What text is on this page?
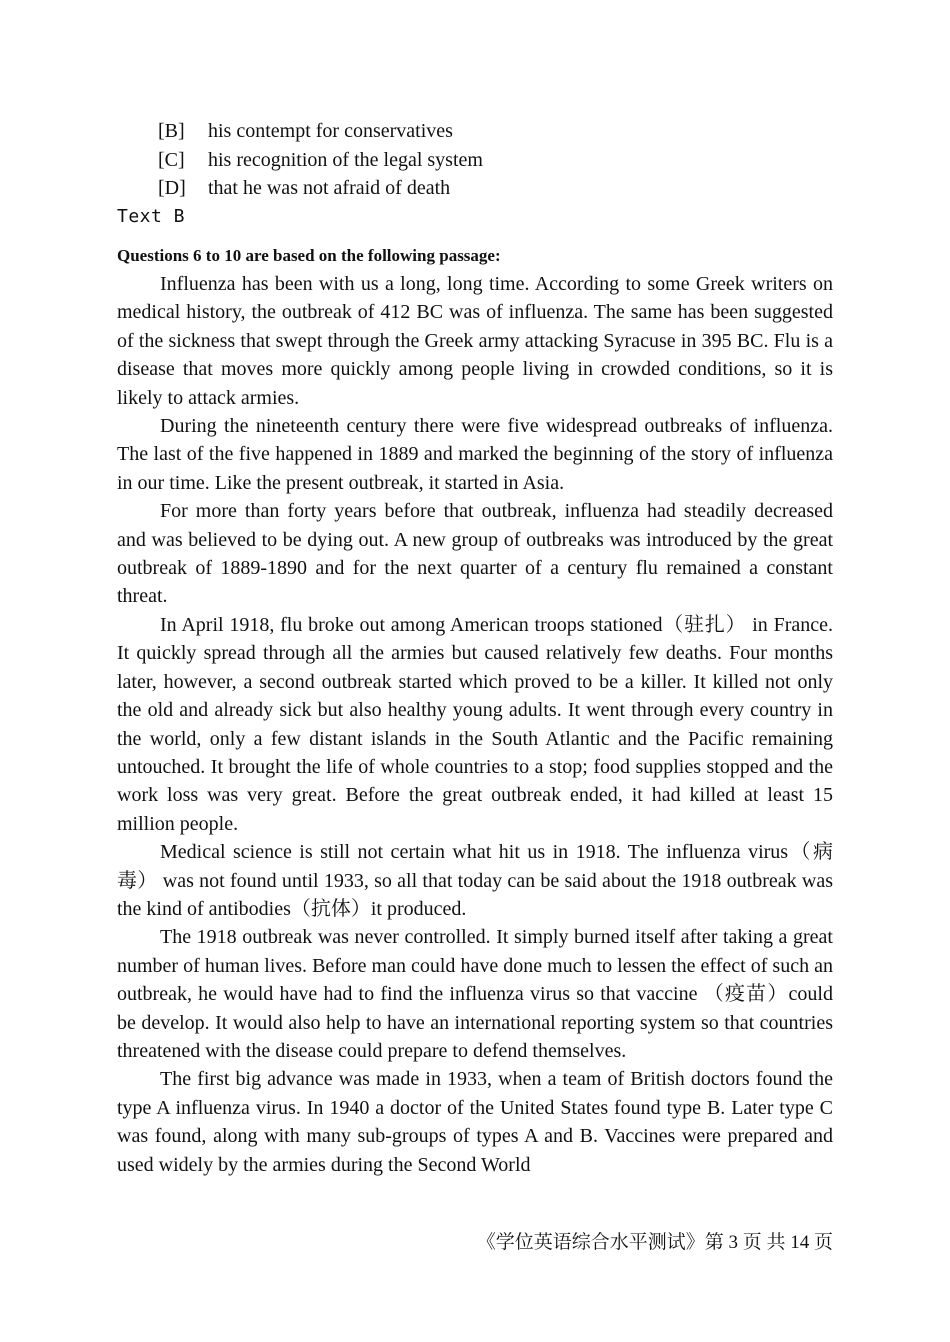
[B] his contempt for conservatives
[C] his recognition of the legal system
[D] that he was not afraid of death
Text B
Questions 6 to 10 are based on the following passage:

Influenza has been with us a long, long time. According to some Greek writers on medical history, the outbreak of 412 BC was of influenza. The same has been suggested of the sickness that swept through the Greek army attacking Syracuse in 395 BC. Flu is a disease that moves more quickly among people living in crowded conditions, so it is likely to attack armies.

During the nineteenth century there were five widespread outbreaks of influenza. The last of the five happened in 1889 and marked the beginning of the story of influenza in our time. Like the present outbreak, it started in Asia.

For more than forty years before that outbreak, influenza had steadily decreased and was believed to be dying out. A new group of outbreaks was introduced by the great outbreak of 1889-1890 and for the next quarter of a century flu remained a constant threat.

In April 1918, flu broke out among American troops stationed（驻扎） in France. It quickly spread through all the armies but caused relatively few deaths. Four months later, however, a second outbreak started which proved to be a killer. It killed not only the old and already sick but also healthy young adults. It went through every country in the world, only a few distant islands in the South Atlantic and the Pacific remaining untouched. It brought the life of whole countries to a stop; food supplies stopped and the work loss was very great. Before the great outbreak ended, it had killed at least 15 million people.

Medical science is still not certain what hit us in 1918. The influenza virus（病毒） was not found until 1933, so all that today can be said about the 1918 outbreak was the kind of antibodies（抗体）it produced.

The 1918 outbreak was never controlled. It simply burned itself after taking a great number of human lives. Before man could have done much to lessen the effect of such an outbreak, he would have had to find the influenza virus so that vaccine （疫苗）could be develop. It would also help to have an international reporting system so that countries threatened with the disease could prepare to defend themselves.

The first big advance was made in 1933, when a team of British doctors found the type A influenza virus. In 1940 a doctor of the United States found type B. Later type C was found, along with many sub-groups of types A and B. Vaccines were prepared and used widely by the armies during the Second World

《学位英语综合水平测试》第 3 页 共 14 页
